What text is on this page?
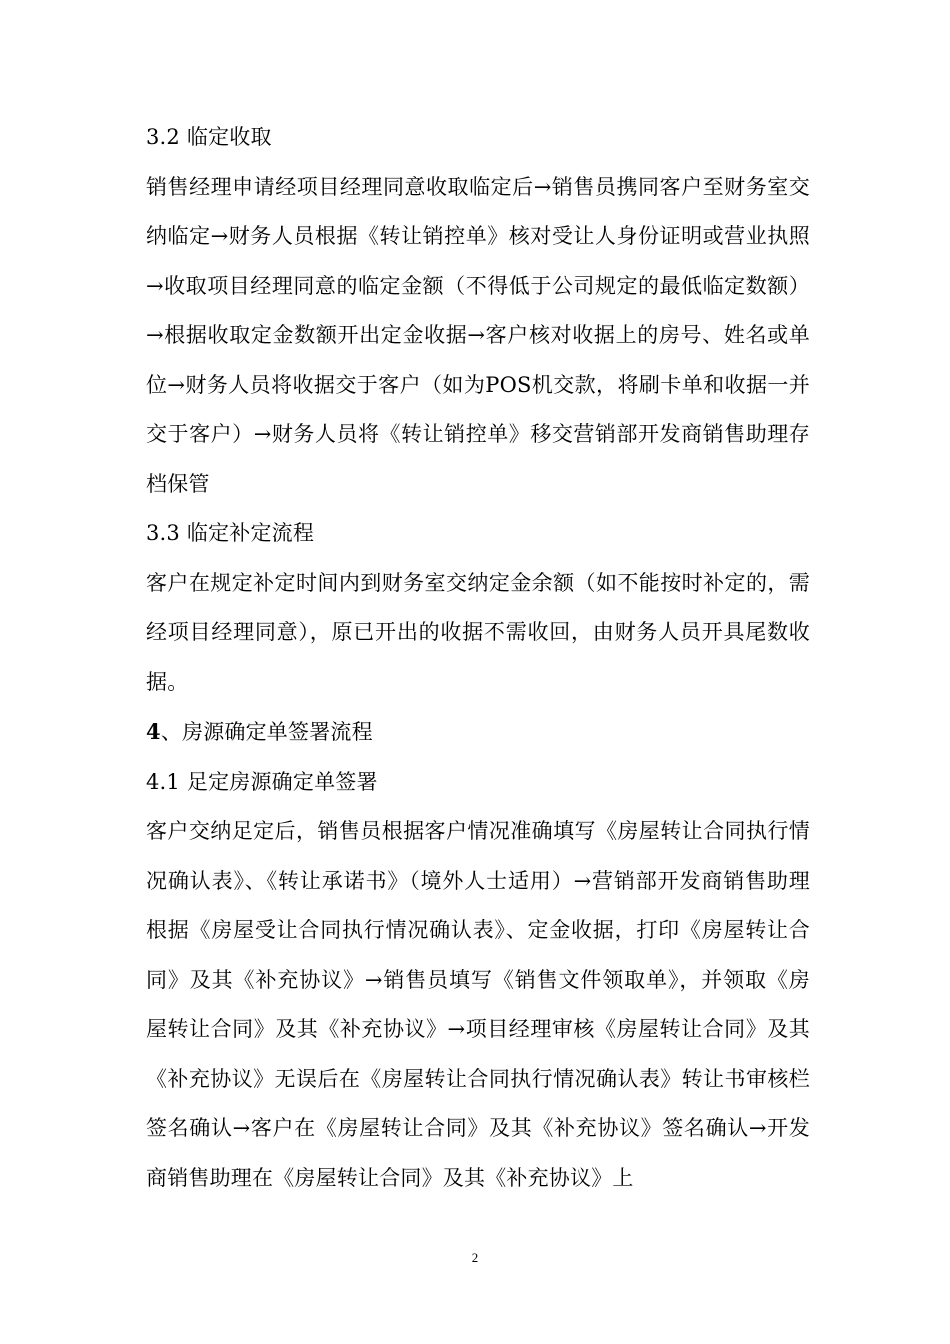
3.2 临定收取

销售经理申请经项目经理同意收取临定后→销售员携同客户至财务室交纳临定→财务人员根据《转让销控单》核对受让人身份证明或营业执照→收取项目经理同意的临定金额（不得低于公司规定的最低临定数额）→根据收取定金数额开出定金收据→客户核对收据上的房号、姓名或单位→财务人员将收据交于客户（如为POS机交款，将刷卡单和收据一并交于客户）→财务人员将《转让销控单》移交营销部开发商销售助理存档保管

3.3 临定补定流程

客户在规定补定时间内到财务室交纳定金余额（如不能按时补定的，需经项目经理同意），原已开出的收据不需收回，由财务人员开具尾数收据。

4、房源确定单签署流程

4.1 足定房源确定单签署

客户交纳足定后，销售员根据客户情况准确填写《房屋转让合同执行情况确认表》、《转让承诺书》（境外人士适用）→营销部开发商销售助理根据《房屋受让合同执行情况确认表》、定金收据，打印《房屋转让合同》及其《补充协议》→销售员填写《销售文件领取单》，并领取《房屋转让合同》及其《补充协议》→项目经理审核《房屋转让合同》及其《补充协议》无误后在《房屋转让合同执行情况确认表》转让书审核栏签名确认→客户在《房屋转让合同》及其《补充协议》签名确认→开发商销售助理在《房屋转让合同》及其《补充协议》上

2
